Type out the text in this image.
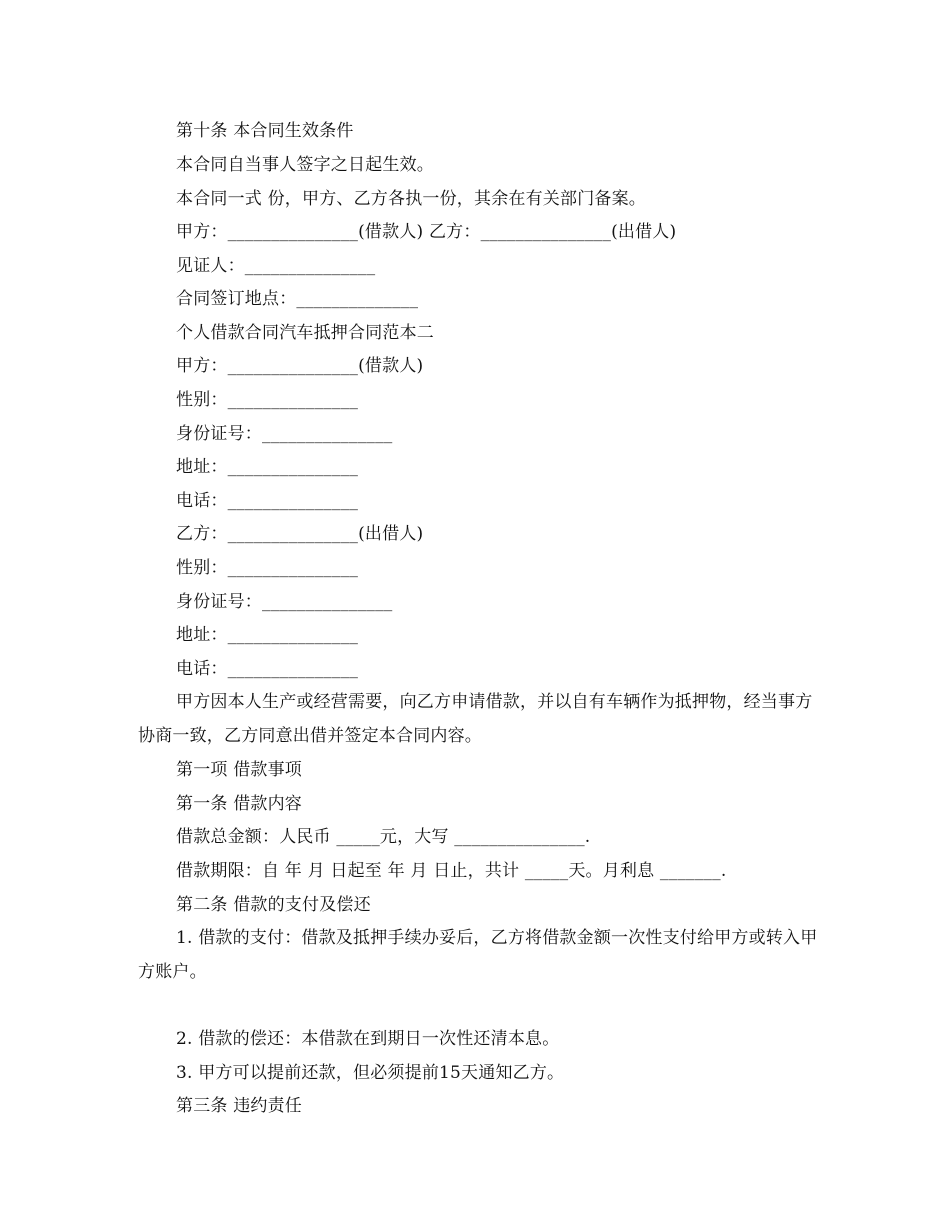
第十条 本合同生效条件
本合同自当事人签字之日起生效。
本合同一式 份，甲方、乙方各执一份，其余在有关部门备案。
甲方：_______________(借款人) 乙方：_______________(出借人)
见证人：_______________
合同签订地点：______________
个人借款合同汽车抵押合同范本二
甲方：_______________(借款人)
性别：_______________
身份证号：_______________
地址：_______________
电话：_______________
乙方：_______________(出借人)
性别：_______________
身份证号：_______________
地址：_______________
电话：_______________
甲方因本人生产或经营需要，向乙方申请借款，并以自有车辆作为抵押物，经当事方协商一致，乙方同意出借并签定本合同内容。
第一项 借款事项
第一条 借款内容
借款总金额：人民币 _____元，大写 _______________.
借款期限：自 年 月 日起至 年 月 日止，共计 _____天。月利息 _______.
第二条 借款的支付及偿还
1. 借款的支付：借款及抵押手续办妥后，乙方将借款金额一次性支付给甲方或转入甲方账户。
2. 借款的偿还：本借款在到期日一次性还清本息。
3. 甲方可以提前还款，但必须提前15天通知乙方。
第三条 违约责任
